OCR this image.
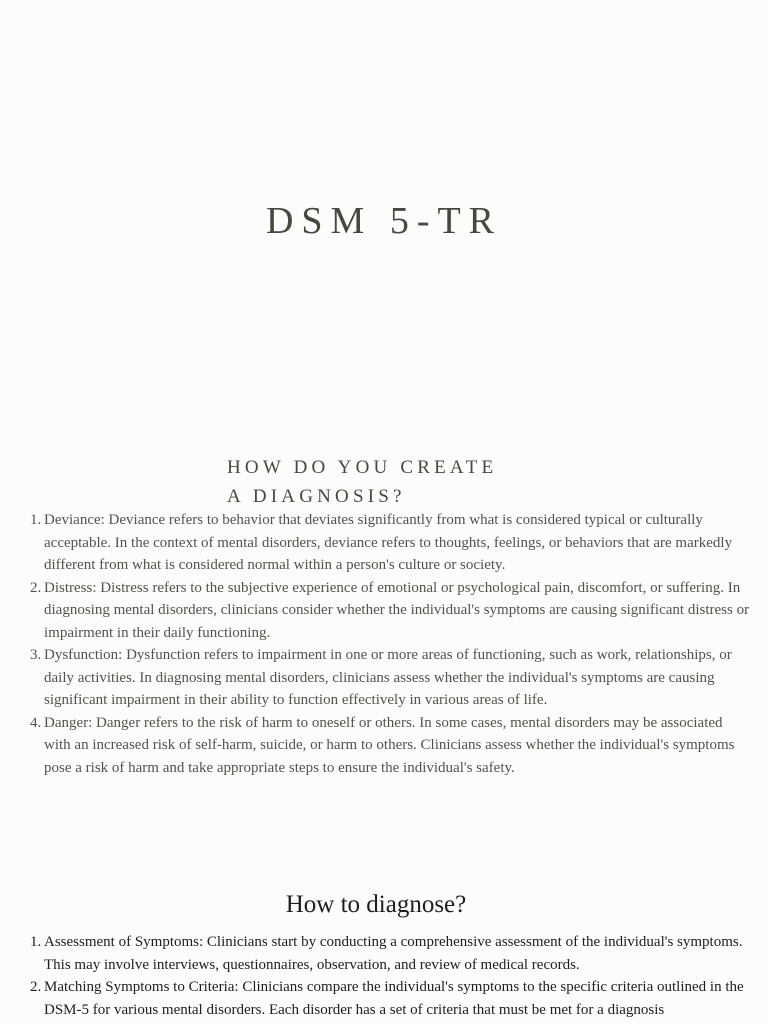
DSM 5-TR
HOW DO YOU CREATE
A DIAGNOSIS?
1. Deviance: Deviance refers to behavior that deviates significantly from what is considered typical or culturally acceptable. In the context of mental disorders, deviance refers to thoughts, feelings, or behaviors that are markedly different from what is considered normal within a person's culture or society.
2. Distress: Distress refers to the subjective experience of emotional or psychological pain, discomfort, or suffering. In diagnosing mental disorders, clinicians consider whether the individual's symptoms are causing significant distress or impairment in their daily functioning.
3. Dysfunction: Dysfunction refers to impairment in one or more areas of functioning, such as work, relationships, or daily activities. In diagnosing mental disorders, clinicians assess whether the individual's symptoms are causing significant impairment in their ability to function effectively in various areas of life.
4. Danger: Danger refers to the risk of harm to oneself or others. In some cases, mental disorders may be associated with an increased risk of self-harm, suicide, or harm to others. Clinicians assess whether the individual's symptoms pose a risk of harm and take appropriate steps to ensure the individual's safety.
How to diagnose?
1. Assessment of Symptoms: Clinicians start by conducting a comprehensive assessment of the individual's symptoms. This may involve interviews, questionnaires, observation, and review of medical records.
2. Matching Symptoms to Criteria: Clinicians compare the individual's symptoms to the specific criteria outlined in the DSM-5 for various mental disorders. Each disorder has a set of criteria that must be met for a diagnosis
